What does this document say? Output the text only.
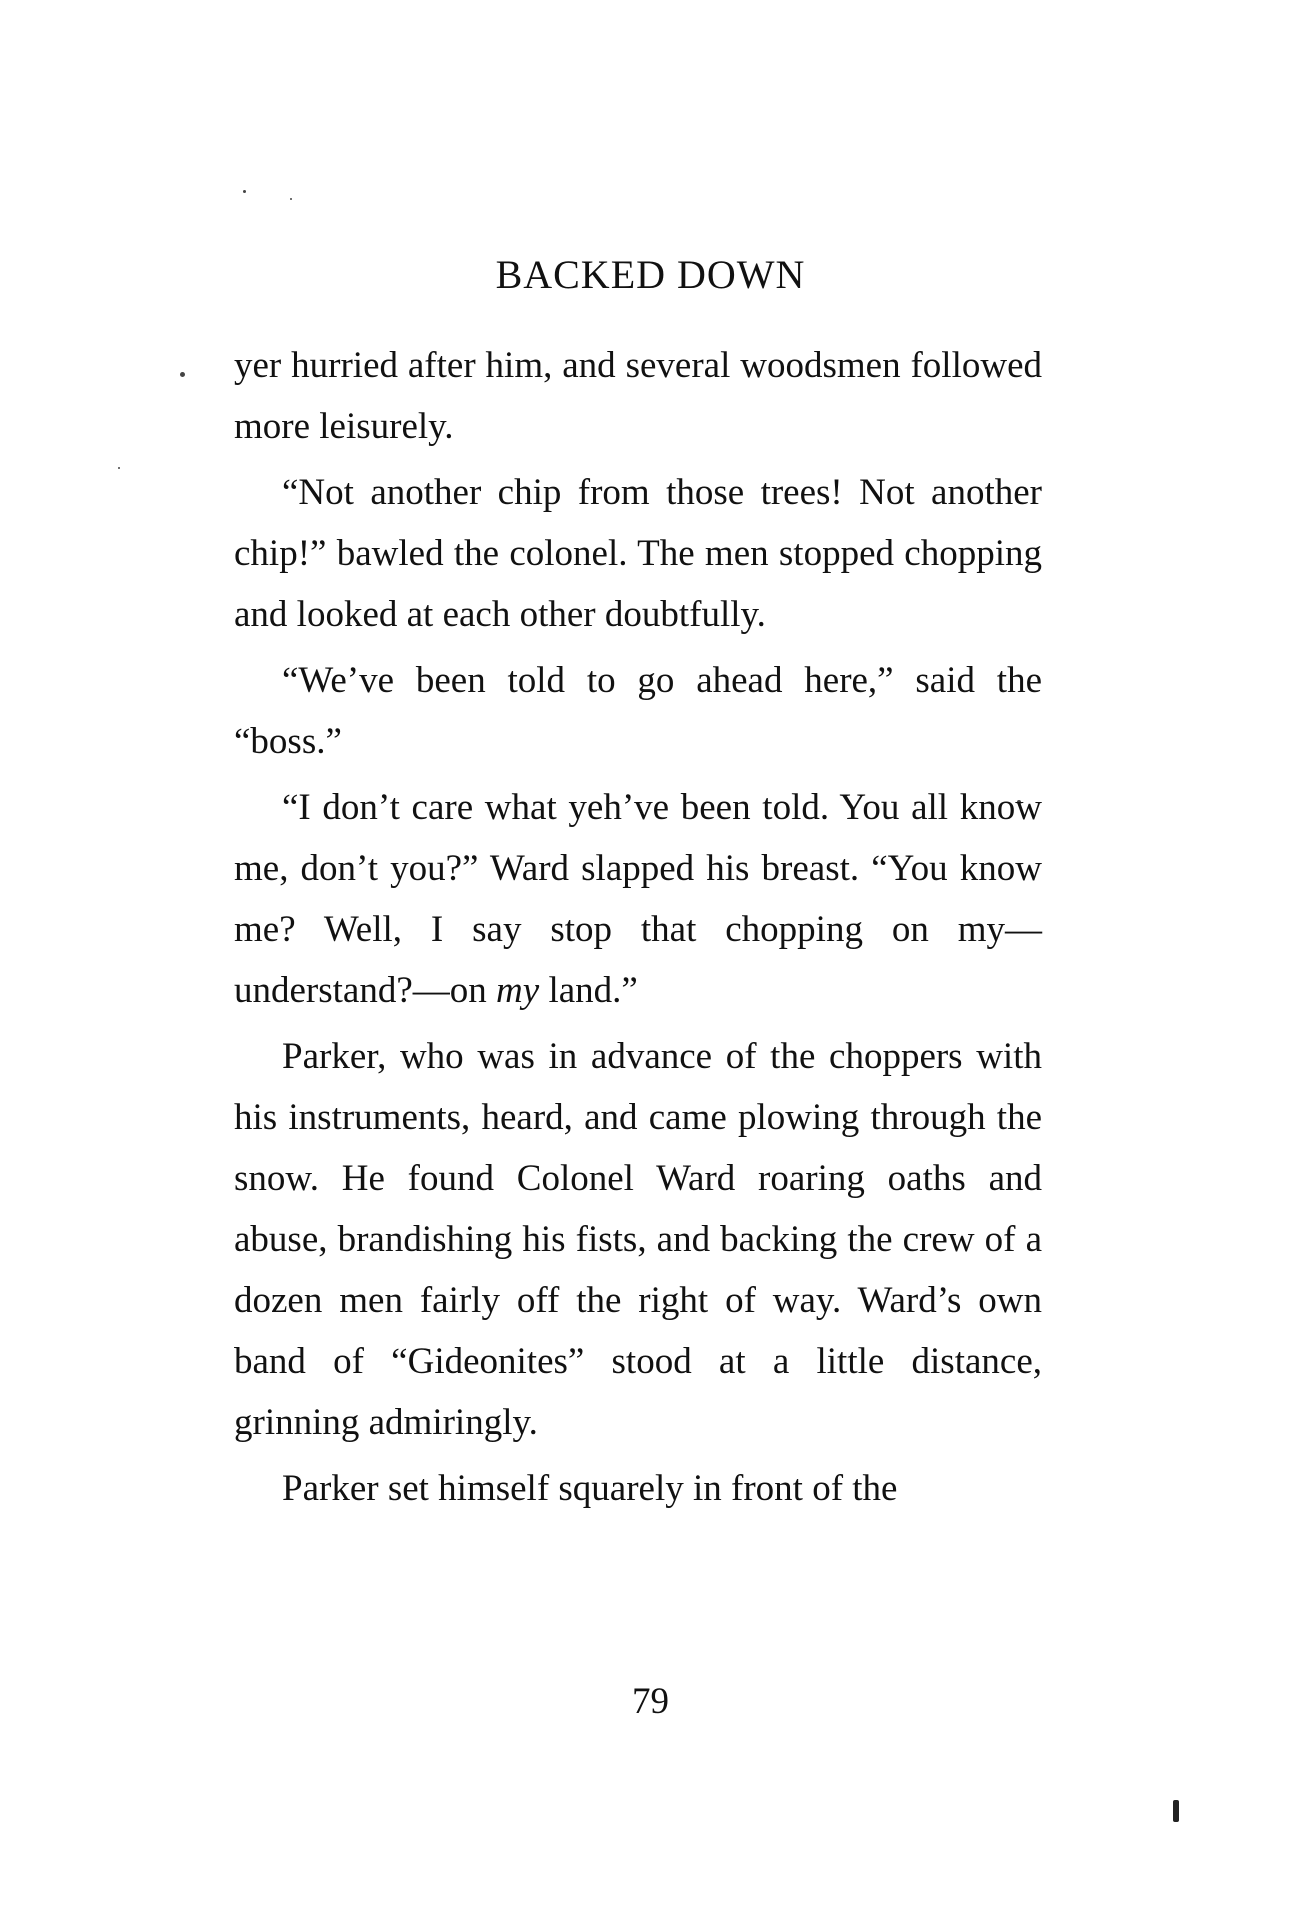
BACKED DOWN

yer hurried after him, and several woodsmen followed more leisurely.

“Not another chip from those trees! Not another chip!” bawled the colonel. The men stopped chopping and looked at each other doubtfully.

“We’ve been told to go ahead here,” said the “boss.”

“I don’t care what yeh’ve been told. You all know me, don’t you?” Ward slapped his breast. “You know me? Well, I say stop that chopping on my—understand?—on my land.”

Parker, who was in advance of the choppers with his instruments, heard, and came plowing through the snow. He found Colonel Ward roaring oaths and abuse, brandishing his fists, and backing the crew of a dozen men fairly off the right of way. Ward’s own band of “Gideonites” stood at a little distance, grinning admiringly.

Parker set himself squarely in front of the

79
